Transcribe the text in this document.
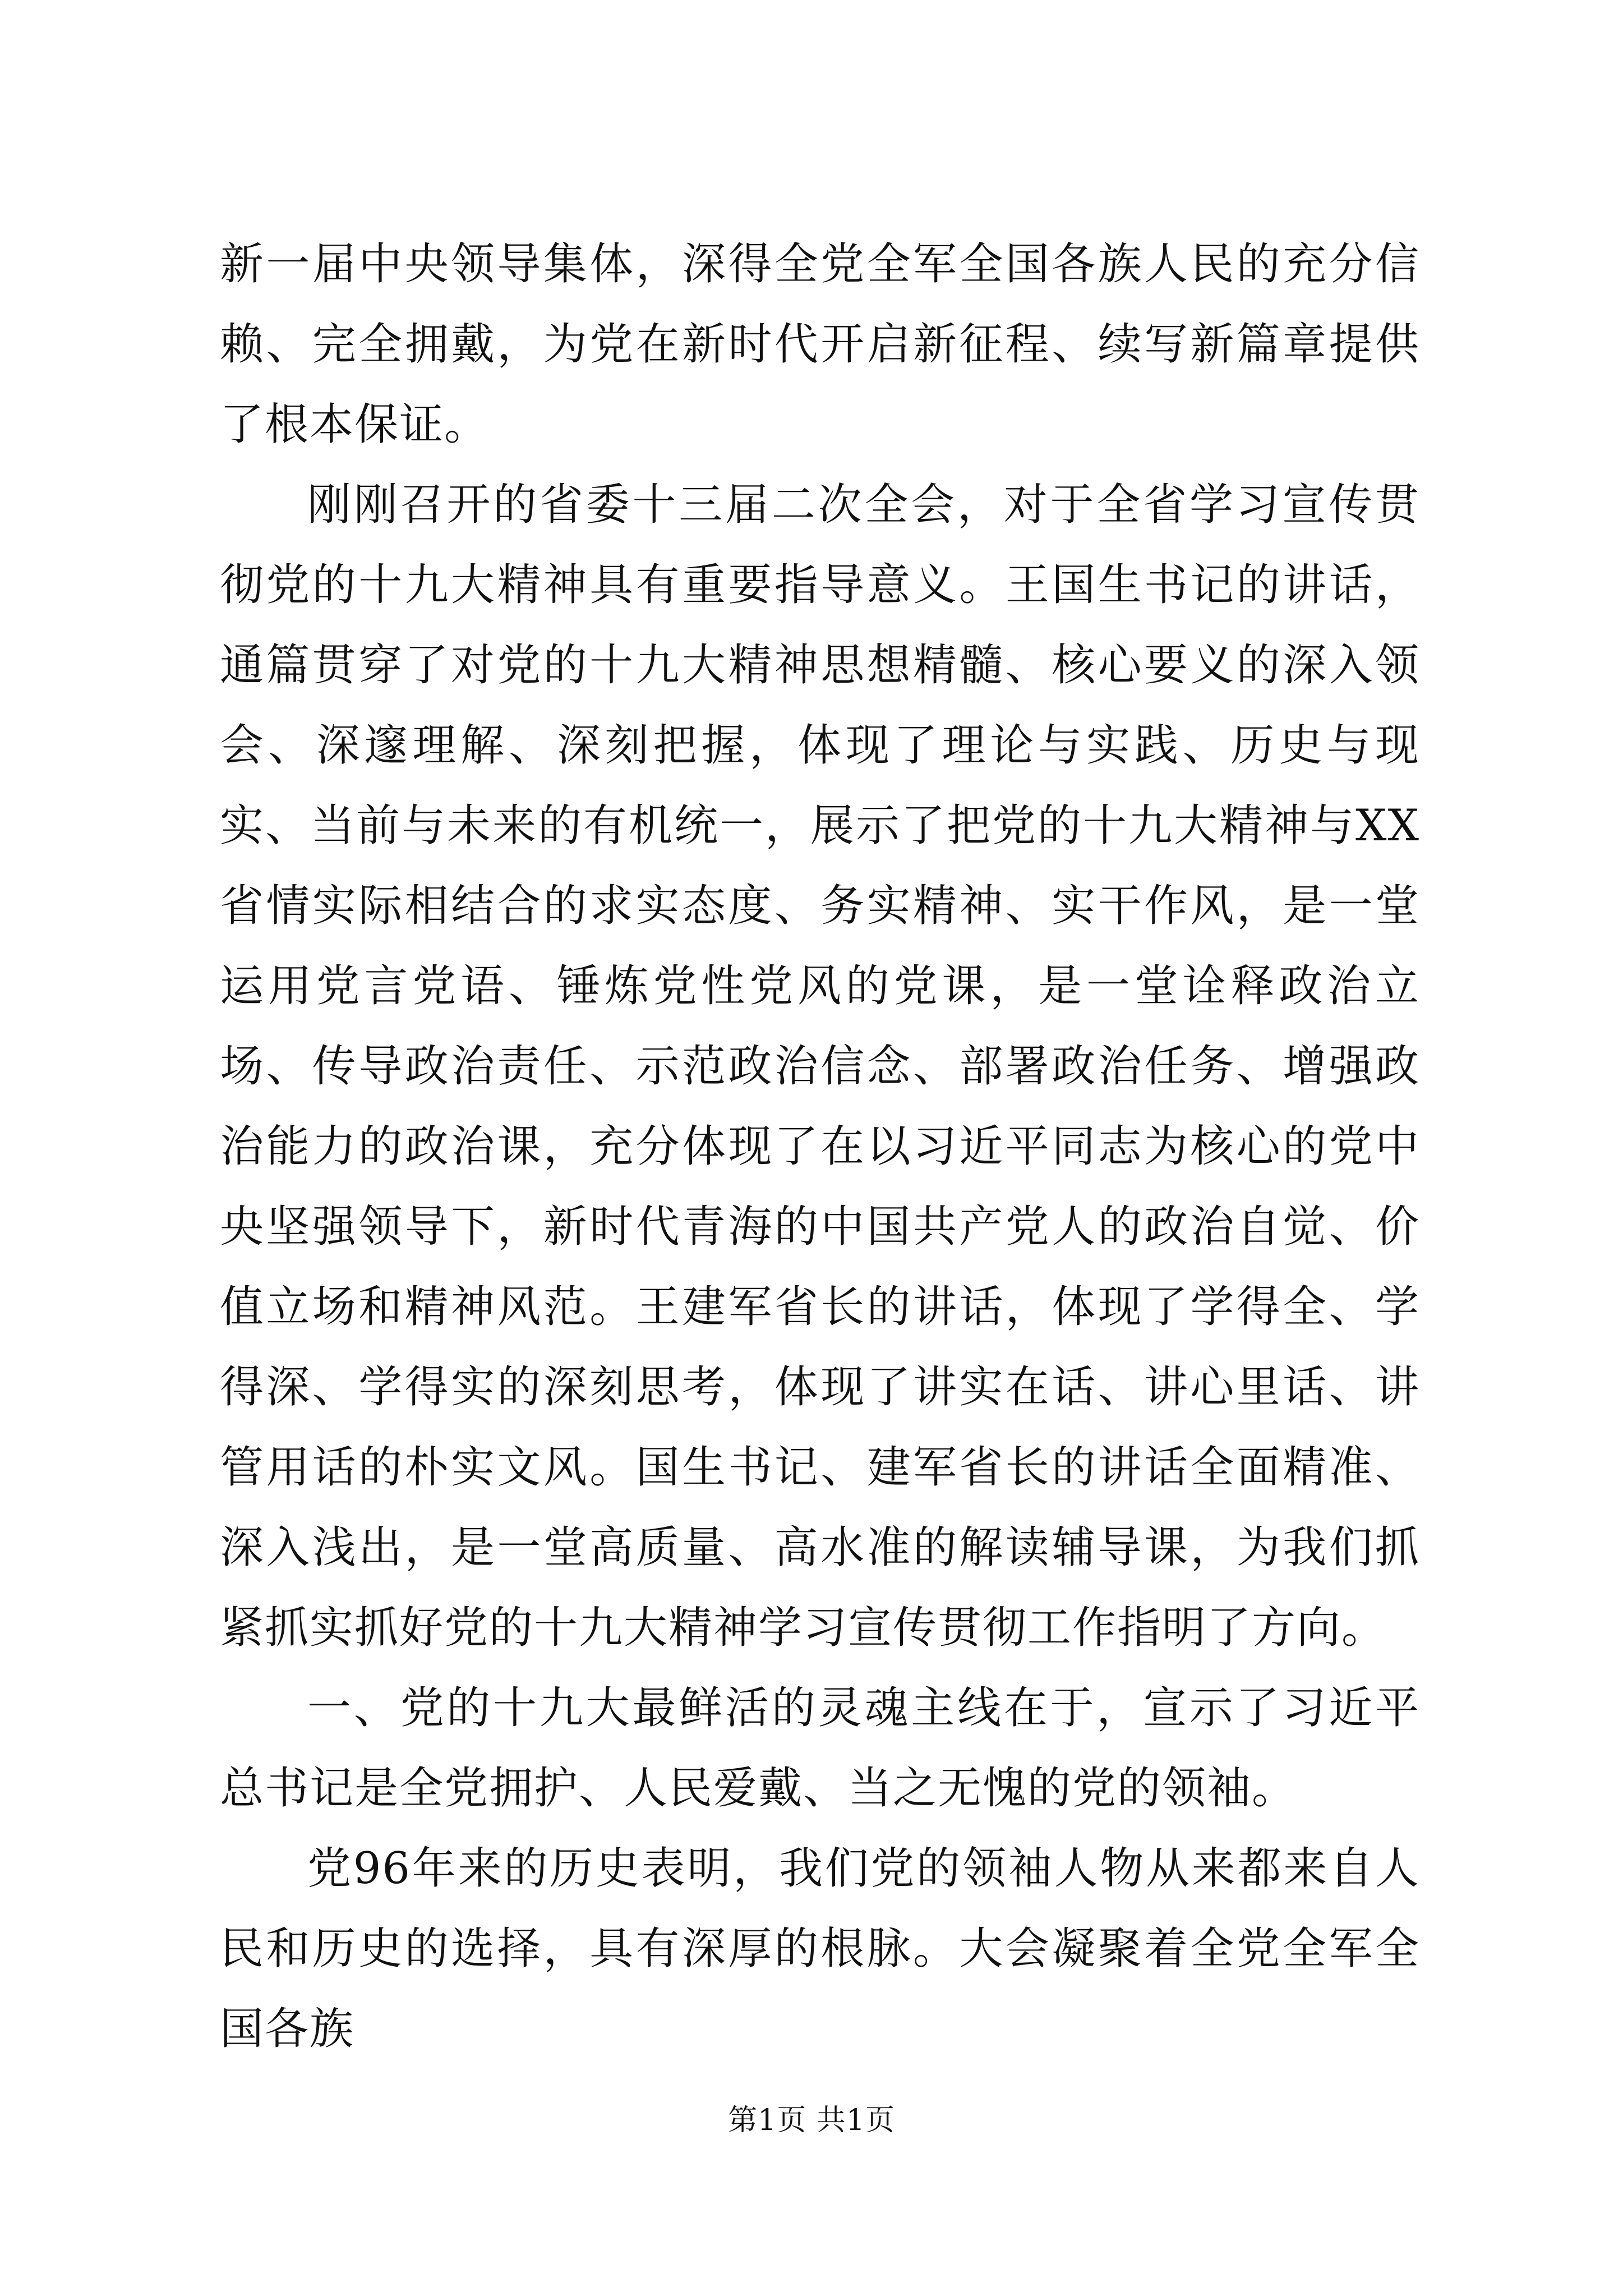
新一届中央领导集体，深得全党全军全国各族人民的充分信赖、完全拥戴，为党在新时代开启新征程、续写新篇章提供了根本保证。

刚刚召开的省委十三届二次全会，对于全省学习宣传贯彻党的十九大精神具有重要指导意义。王国生书记的讲话，通篇贯穿了对党的十九大精神思想精髓、核心要义的深入领会、深邃理解、深刻把握，体现了理论与实践、历史与现实、当前与未来的有机统一，展示了把党的十九大精神与XX省情实际相结合的求实态度、务实精神、实干作风，是一堂运用党言党语、锤炼党性党风的党课，是一堂诠释政治立场、传导政治责任、示范政治信念、部署政治任务、增强政治能力的政治课，充分体现了在以习近平同志为核心的党中央坚强领导下，新时代青海的中国共产党人的政治自觉、价值立场和精神风范。王建军省长的讲话，体现了学得全、学得深、学得实的深刻思考，体现了讲实在话、讲心里话、讲管用话的朴实文风。国生书记、建军省长的讲话全面精准、深入浅出，是一堂高质量、高水准的解读辅导课，为我们抓紧抓实抓好党的十九大精神学习宣传贯彻工作指明了方向。

一、党的十九大最鲜活的灵魂主线在于，宣示了习近平总书记是全党拥护、人民爱戴、当之无愧的党的领袖。

党96年来的历史表明，我们党的领袖人物从来都来自人民和历史的选择，具有深厚的根脉。大会凝聚着全党全军全国各族

第1页 共1页
